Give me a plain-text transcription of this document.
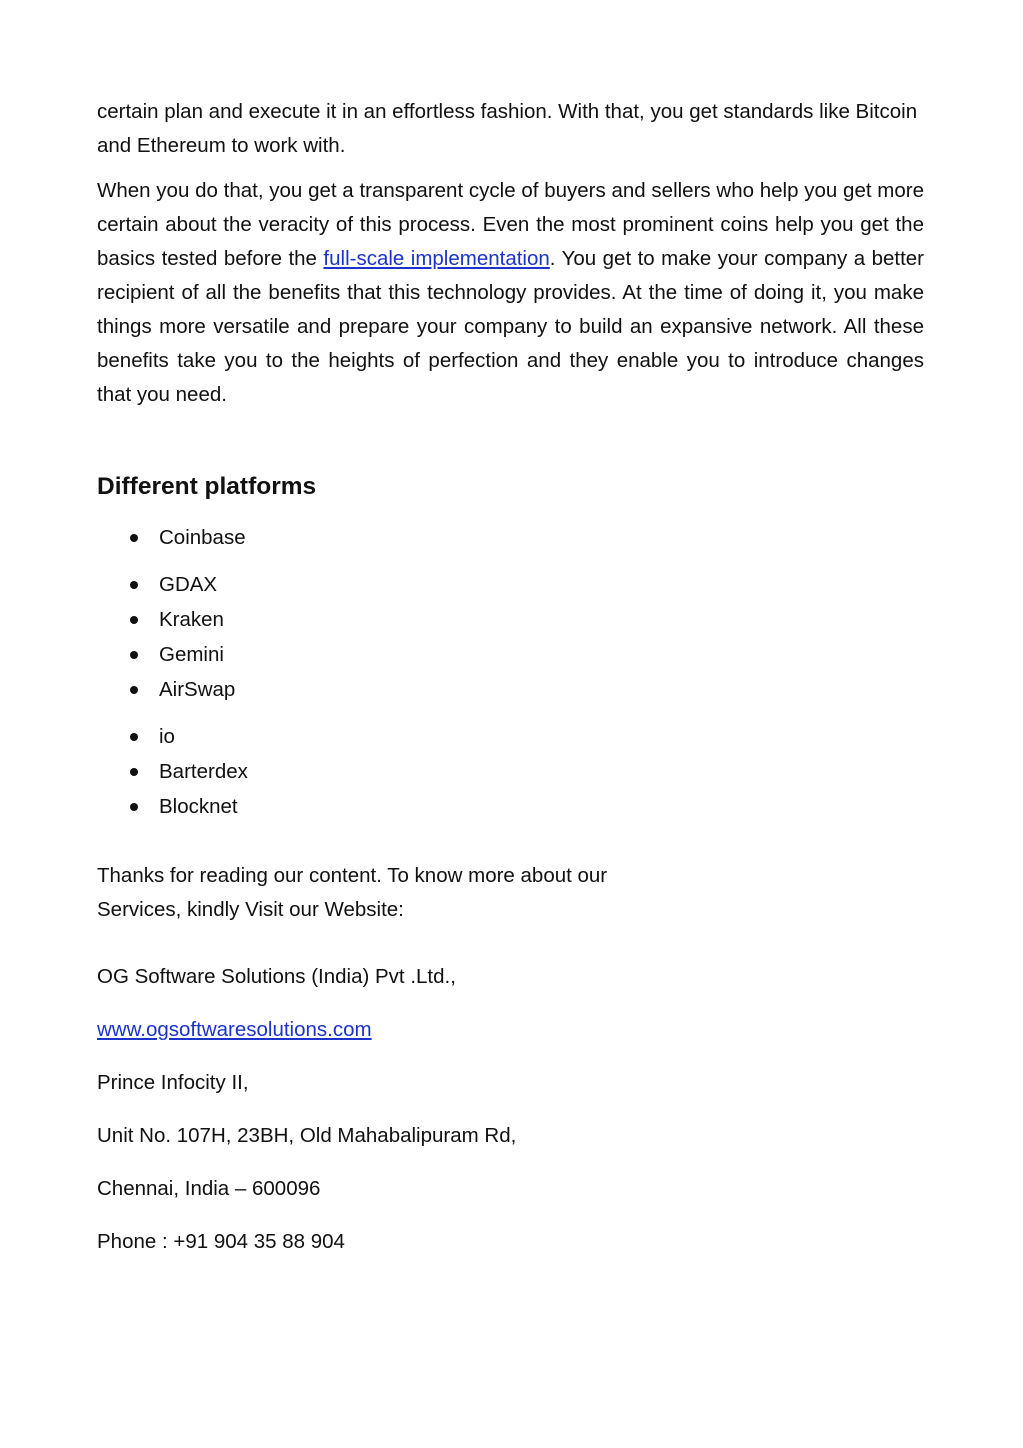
certain plan and execute it in an effortless fashion. With that, you get standards like Bitcoin and Ethereum to work with.

When you do that, you get a transparent cycle of buyers and sellers who help you get more certain about the veracity of this process. Even the most prominent coins help you get the basics tested before the full-scale implementation. You get to make your company a better recipient of all the benefits that this technology provides. At the time of doing it, you make things more versatile and prepare your company to build an expansive network. All these benefits take you to the heights of perfection and they enable you to introduce changes that you need.

Different platforms
Coinbase
GDAX
Kraken
Gemini
AirSwap
io
Barterdex
Blocknet

Thanks for reading our content. To know more about our

Services, kindly Visit our Website:

OG Software Solutions (India) Pvt .Ltd.,

www.ogsoftwaresolutions.com

Prince Infocity II,

Unit No. 107H, 23BH, Old Mahabalipuram Rd,

Chennai, India – 600096

Phone : +91 904 35 88 904
